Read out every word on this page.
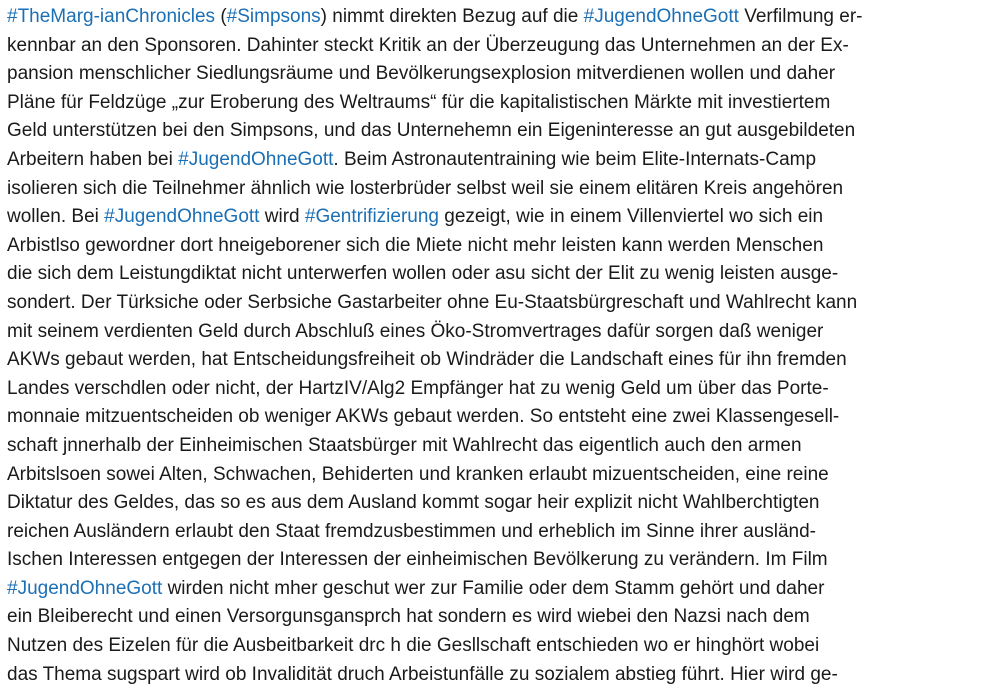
#TheMarg-ianChronicles (#Simpsons) nimmt direkten Bezug auf die #JugendOhneGott Verfilmung er-
kennbar an den Sponsoren. Dahinter steckt Kritik an der Überzeugung das Unternehmen an der Ex-
pansion menschlicher Siedlungsräume und Bevölkerungsexplosion mitverdienen wollen und daher
Pläne für Feldzüge „zur Eroberung des Weltraums“ für die kapitalistischen Märkte mit investiertem
Geld unterstützen bei den Simpsons, und das Unternehemn ein Eigeninteresse an gut ausgebildeten
Arbeitern haben bei #JugendOhneGott. Beim Astronautentraining wie beim Elite-Internats-Camp
isolieren sich die Teilnehmer ähnlich wie losterbrüder selbst weil sie einem elitären Kreis angehören
wollen. Bei #JugendOhneGott wird #Gentrifizierung gezeigt, wie in einem Villenviertel wo sich ein
Arbistlso gewordner dort hneigeborener sich die Miete nicht mehr leisten kann werden Menschen
die sich dem Leistungdiktat nicht unterwerfen wollen oder asu sicht der Elit zu wenig leisten ausge-
sondert. Der Türksiche oder Serbsiche Gastarbeiter ohne Eu-Staatsbürgreschaft und Wahlrecht kann
mit seinem verdienten Geld durch Abschluß eines Öko-Stromvertrages dafür sorgen daß weniger
AKWs gebaut werden, hat Entscheidungsfreiheit ob Windräder die Landschaft eines für ihn fremden
Landes verschdlen oder nicht, der HartzIV/Alg2 Empfänger hat zu wenig Geld um über das Porte-
monnaie mitzuentscheiden ob weniger AKWs gebaut werden. So entsteht eine zwei Klassengesell-
schaft jnnerhalb der Einheimischen Staatsbürger mit Wahlrecht das eigentlich auch den armen
Arbitslsoen sowei Alten, Schwachen, Behiderten und kranken erlaubt mizuentscheiden, eine reine
Diktatur des Geldes, das so es aus dem Ausland kommt sogar heir explizit nicht Wahlberchtigten
reichen Ausländern erlaubt den Staat fremdzusbestimmen und erheblich im Sinne ihrer ausländ-
Ischen Interessen entgegen der Interessen der einheimischen Bevölkerung zu verändern. Im Film
#JugendOhneGott wirden nicht mher geschut wer zur Familie oder dem Stamm gehört und daher
ein Bleiberecht und einen Versorgunsgansprch hat sondern es wird wiebei den Nazsi nach dem
Nutzen des Eizelen für die Ausbeitbarkeit drc h die Gesllschaft entschieden wo er hinghört wobei
das Thema sugspart wird ob Invalidität druch Arbeistunfälle zu sozialem abstieg führt. Hier wird ge-
